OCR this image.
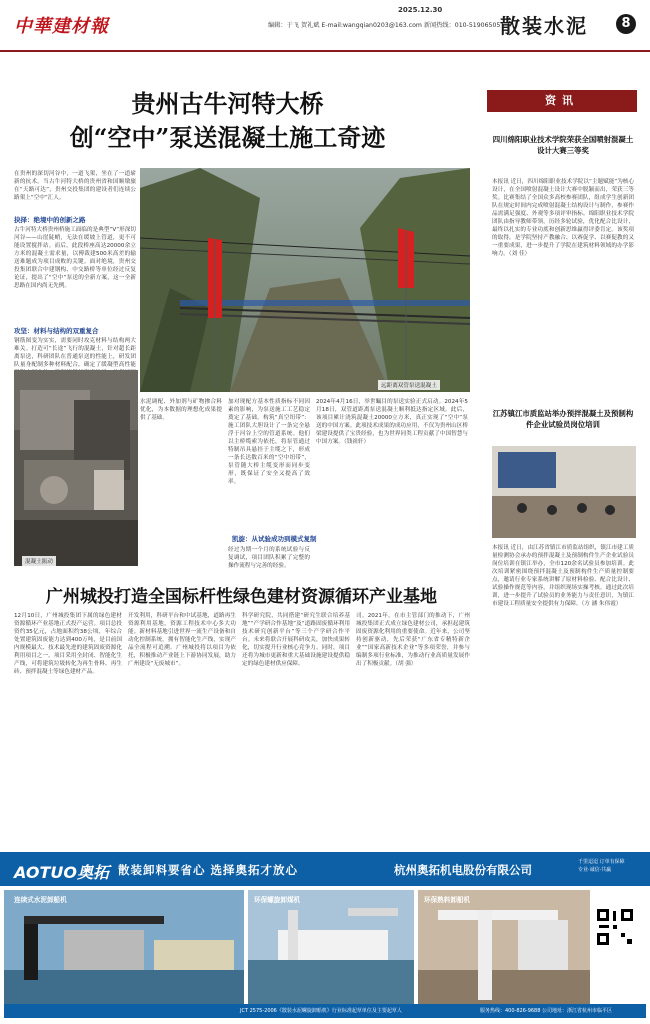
中華建材報
2025.12.30
编辑：于飞 贺礼斌 E-mail:wangqian0203@163.com 新闻热线：010-51906505 散装水泥	8
贵州古牛河特大桥
创“空中”泵送混凝土施工奇迹
在贵州的深切河谷中，一道飞架，坐在了一道崭新的抗术。当古牛河特大桥的贵州省和国顺墩旅在“天路可达”，贵州交投集团的建设者们连续公路架上“空中”汇人。
抉择：绝境中的创新之路
古牛河特大桥贵州桥施工面临的是典型“V”形深切河谷——山崖陡峭，无法在缓坡上管道，更不可能设置搅拌站。而后，此段桥座高达20000余立方米的混凝土需求量，以傅裁建500米高差的输送难题成为项目成败的关键。面对绝境，贵州交投集团联合中建钢构、中交路桥等单位经过反复论证，提出了“空中”泵送的全新方案，这一全新思路在国内尚无先例。
攻坚：材料与结构的双重复合
钢筋图变为实实，需要同时攻克材料与结构两大难关。打造可“长途”飞行的混凝土，针对超长距离泵送，科研团队在普通泵送的性能上，研发团队量身配制多种材料配合，确定了缓凝型高性能
混凝土振动
远距离双管泵送混凝土
水泥调配、外加剂与矿物掺合料优化，为本数据的理想化成果提供了基础。
加对现配方基本性质指标不同因素的影响，为泵送施工工艺稳定奠定了基础。构筑“真空纽带”：施工团队大胆设计了一条完全悬浮于河谷上空的管道系统。他们以主桥缆索为依托，将泵管通过特制吊具悬挂于主缆之下，形成一条长达数百米的“空中纽带”，泵管随大桥主缆变形而同步变形，既保证了安全又提高了效率。
凯旋：从试验成功到模式复制
经过为期一个月的系统试验与反复调试，项目团队积累了完整的操作流程与完善的经验。
2024年4月16日，举世瞩目的泵送实验正式启动。2024年5月18日，双管道距离泵送混凝土顺利抵达指定区域。此后，该项目累计浇筑混凝土20000立方米，真正实现了“空中”泵送的中国方案。此项技术成果的成功应用，不仅为贵州山区桥梁建设提供了宝贵经验，也为世界同类工程贡献了中国智慧与中国方案。（钱祖轩）
资讯
四川绵阳职业技术学院荣获全国喷射混凝土设计大赛三等奖
本报讯 近日，四川绵阳职业技术学院以“主题赋能”为核心设计，在全国喷射混凝土设计大赛中脱颖而出，荣获三等奖。比赛集结了全国众多高校参赛团队，组成学生创新团队在规定时间内完成喷射混凝土结构设计与制作，参赛作品需满足强度、外观等多项评审指标。绵阳职业技术学院团队由指导教师带领，历经多轮试验，优化配合比设计，最终以扎实的专业功底和创新思维赢得评委肯定。该奖项的取得，是学院坚持产教融合、以赛促学、以赛促教的又一重要成果，进一步提升了学院在建筑材料领域的办学影响力。（刘 佳）
江苏镇江市质监站举办预拌混凝土及预制构件企业试验员岗位培训
本报讯 近日，由江苏省镇江市质监站组织，镇江市建工质量检测协会承办的预拌混凝土及预制构件生产企业试验员岗位培训在镇江举办，全市120余名试验员参加培训。此次培训紧密围绕预拌混凝土及预制构件生产质量控制要点，邀请行业专家系统讲解了原材料检验、配合比设计、试验操作规范等内容，并组织现场实操考核。通过此次培训，进一步提升了试验员的业务能力与责任意识，为镇江市建设工程质量安全提供有力保障。（方 涵 朱伟霞）
广州城投打造全国标杆性绿色建材资源循环产业基地
12月10日，广州城投集团下属的绿色建材资源循环产业基地正式投产运营。项目总投资约35亿元，占地面积约38公顷，年综合处置建筑固废能力达到400万吨，是目前国内规模最大、技术最先进的建筑固废资源化利用项目之一。项目采用全封闭、智能化生产线，可将建筑垃圾转化为再生骨料、再生砖、预拌混凝土等绿色建材产品。
开发利用，科研平台和中试基地，道路再生资源利用基地，资源工程技术中心多大功能。新材料基地引进世界一流生产设备和自动化控制系统，拥有智能化生产线，实现产品全流程可追溯。广州城投将以项目为依托，积极推动产业链上下游协同发展，助力广州建设“无废城市”。
科学研究院，共同搭建“研究生联合培养基地”“产学研合作基地”及“道路固废循环利用技术研究创新平台”等三个产学研合作平台。未来将联合开展科研攻关，加快成果转化，切实提升行业核心竞争力。同时，项目还将为城市更新和重大基础设施建设提供稳定的绿色建材供应保障。
司。2021年，在市主管部门的推动下，广州城投集团正式成立绿色建材公司，承担起建筑固废资源化利用的重要使命。近年来，公司坚持创新驱动，先后荣获“广东省专精特新企业”“国家高新技术企业”等多项荣誉，并参与编制多项行业标准，为推动行业高质量发展作出了积极贡献。（胡 强）
AOTUO奥拓 散装卸料要省心 选择奥拓才放心	杭州奥拓机电股份有限公司
千里迢迢 订单有保障
专业·诚信·共赢
连续式水泥卸船机	环保螺旋卸煤机	环保熟料卸船机
JCT 2575-2006《散装水泥螺旋卸船机》行业标准起草单位及主要起草人	服务热线：400-826-9688 公司地址：浙江省杭州市临平区
